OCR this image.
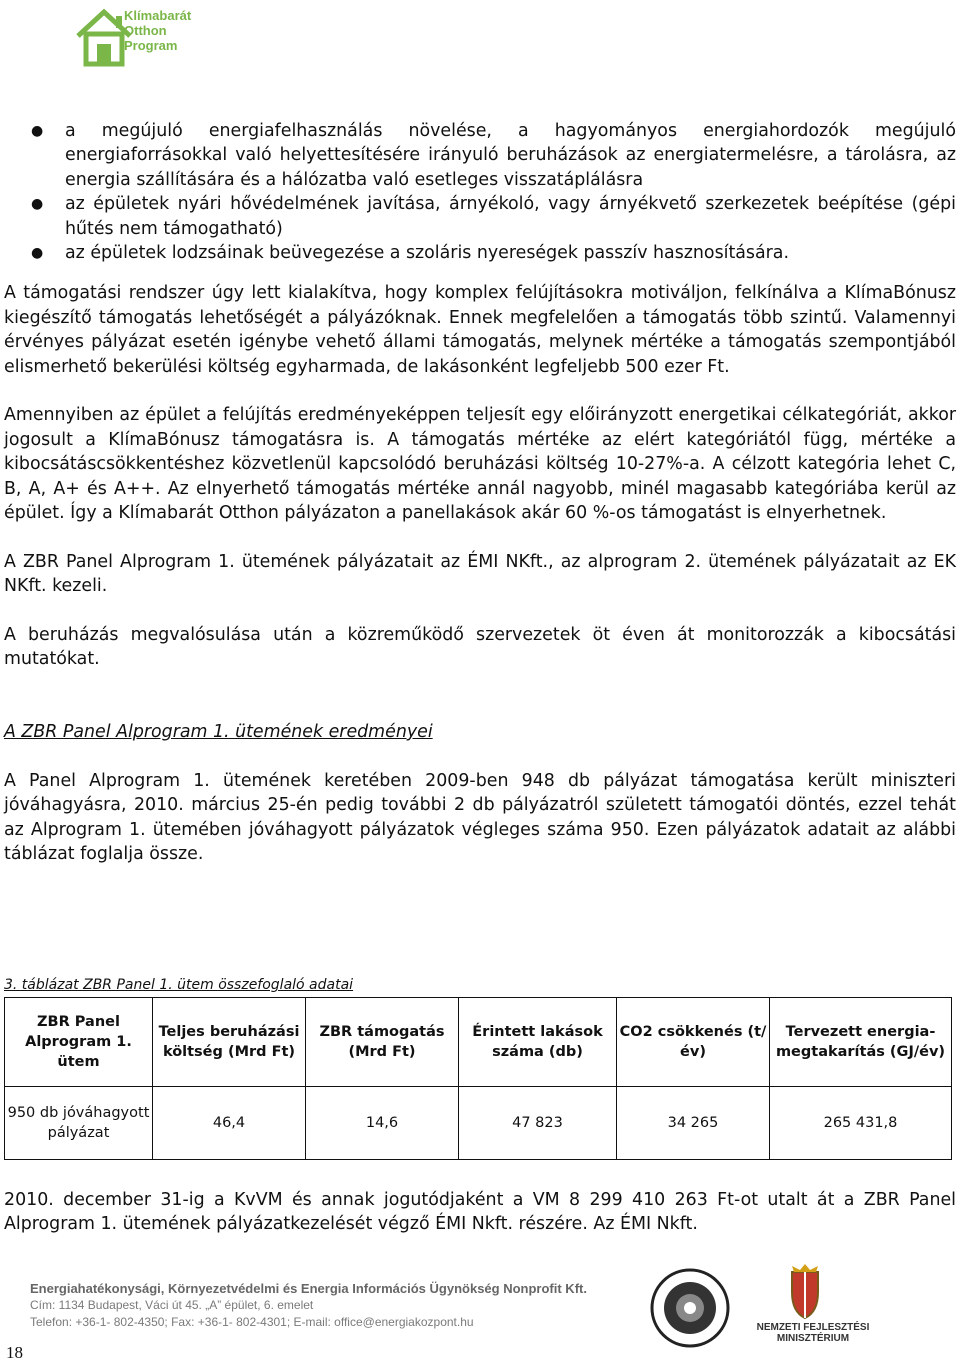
Klímabarát
Otthon
Program
● a megújuló energiafelhasználás növelése, a hagyományos energiahordozók megújuló energiaforrásokkal való helyettesítésére irányuló beruházások az energiatermelésre, a tárolásra, az energia szállítására és a hálózatba való esetleges visszatáplálásra
● az épületek nyári hővédelmének javítása, árnyékoló, vagy árnyékvető szerkezetek beépítése (gépi hűtés nem támogatható)
● az épületek lodzsáinak beüvegezése a szoláris nyereségek passzív hasznosítására.

A támogatási rendszer úgy lett kialakítva, hogy komplex felújításokra motiváljon, felkínálva a KlímaBónusz kiegészítő támogatás lehetőségét a pályázóknak. Ennek megfelelően a támogatás több szintű. Valamennyi érvényes pályázat esetén igénybe vehető állami támogatás, melynek mértéke a támogatás szempontjából elismerhető bekerülési költség egyharmada, de lakásonként legfeljebb 500 ezer Ft.

Amennyiben az épület a felújítás eredményeképpen teljesít egy előirányzott energetikai célkategóriát, akkor jogosult a KlímaBónusz támogatásra is. A támogatás mértéke az elért kategóriától függ, mértéke a kibocsátáscsökkentéshez közvetlenül kapcsolódó beruházási költség 10-27%-a. A célzott kategória lehet C, B, A, A+ és A++. Az elnyerhető támogatás mértéke annál nagyobb, minél magasabb kategóriába kerül az épület. Így a Klímabarát Otthon pályázaton a panellakások akár 60 %-os támogatást is elnyerhetnek.

A ZBR Panel Alprogram 1. ütemének pályázatait az ÉMI NKft., az alprogram 2. ütemének pályázatait az EK NKft. kezeli.

A beruházás megvalósulása után a közreműködő szervezetek öt éven át monitorozzák a kibocsátási mutatókat.

A ZBR Panel Alprogram 1. ütemének eredményei

A Panel Alprogram 1. ütemének keretében 2009-ben 948 db pályázat támogatása került miniszteri jóváhagyásra, 2010. március 25-én pedig további 2 db pályázatról született támogatói döntés, ezzel tehát az Alprogram 1. ütemében jóváhagyott pályázatok végleges száma 950. Ezen pályázatok adatait az alábbi táblázat foglalja össze.

3. táblázat ZBR Panel 1. ütem összefoglaló adatai
ZBR Panel Alprogram 1. ütem	Teljes beruházási költség (Mrd Ft)	ZBR támogatás (Mrd Ft)	Érintett lakások száma (db)	CO2 csökkenés (t/év)	Tervezett energia-megtakarítás (GJ/év)
950 db jóváhagyott pályázat	46,4	14,6	47 823	34 265	265 431,8

2010. december 31-ig a KvVM és annak jogutódjaként a VM 8 299 410 263 Ft-ot utalt át a ZBR Panel Alprogram 1. ütemének pályázatkezelését végző ÉMI Nkft. részére. Az ÉMI Nkft.

Energiahatékonysági, Környezetvédelmi és Energia Információs Ügynökség Nonprofit Kft.
Cím: 1134 Budapest, Váci út 45. „A” épület, 6. emelet
Telefon: +36-1- 802-4350; Fax: +36-1- 802-4301; E-mail: office@energiakozpont.hu	NEMZETI FEJLESZTÉSI MINISZTÉRIUM
18
